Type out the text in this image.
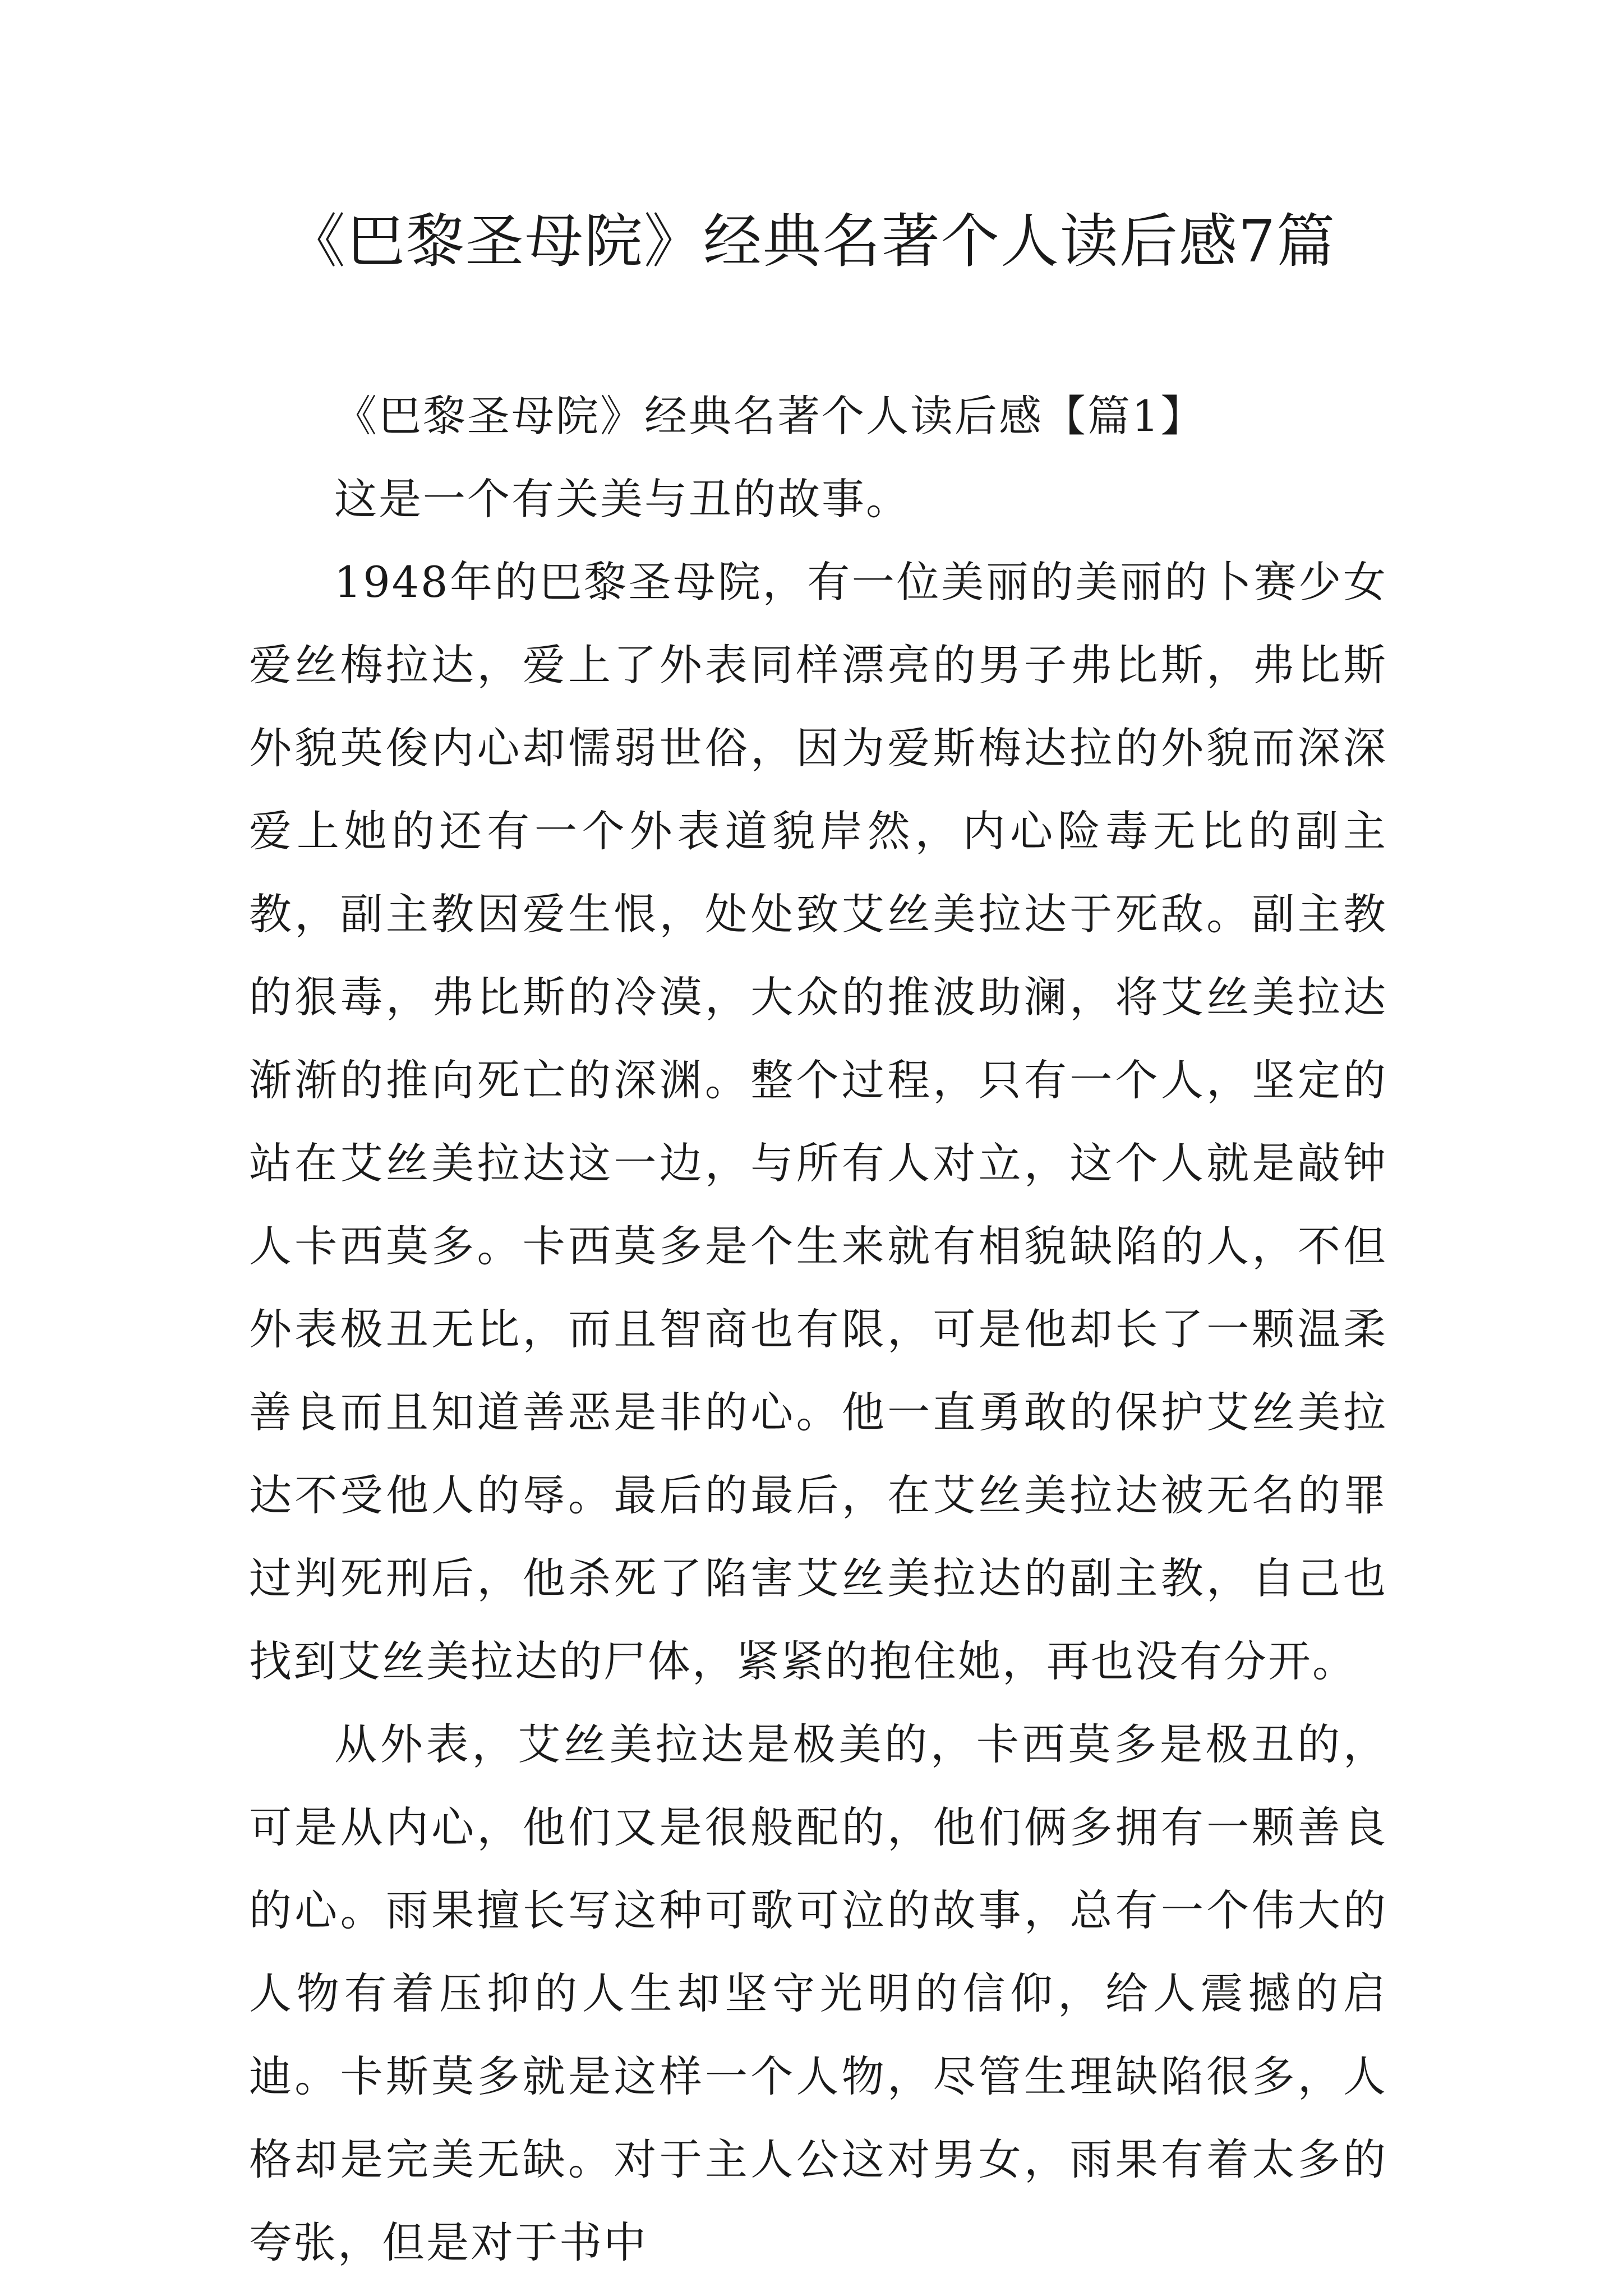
《巴黎圣母院》经典名著个人读后感7篇

《巴黎圣母院》经典名著个人读后感【篇1】

这是一个有关美与丑的故事。

1948年的巴黎圣母院，有一位美丽的美丽的卜赛少女爱丝梅拉达，爱上了外表同样漂亮的男子弗比斯，弗比斯外貌英俊内心却懦弱世俗，因为爱斯梅达拉的外貌而深深爱上她的还有一个外表道貌岸然，内心险毒无比的副主教，副主教因爱生恨，处处致艾丝美拉达于死敌。副主教的狠毒，弗比斯的冷漠，大众的推波助澜，将艾丝美拉达渐渐的推向死亡的深渊。整个过程，只有一个人，坚定的站在艾丝美拉达这一边，与所有人对立，这个人就是敲钟人卡西莫多。卡西莫多是个生来就有相貌缺陷的人，不但外表极丑无比，而且智商也有限，可是他却长了一颗温柔善良而且知道善恶是非的心。他一直勇敢的保护艾丝美拉达不受他人的辱。最后的最后，在艾丝美拉达被无名的罪过判死刑后，他杀死了陷害艾丝美拉达的副主教，自己也找到艾丝美拉达的尸体，紧紧的抱住她，再也没有分开。

从外表，艾丝美拉达是极美的，卡西莫多是极丑的，可是从内心，他们又是很般配的，他们俩多拥有一颗善良的心。雨果擅长写这种可歌可泣的故事，总有一个伟大的人物有着压抑的人生却坚守光明的信仰，给人震撼的启迪。卡斯莫多就是这样一个人物，尽管生理缺陷很多，人格却是完美无缺。对于主人公这对男女，雨果有着太多的夸张，但是对于书中
